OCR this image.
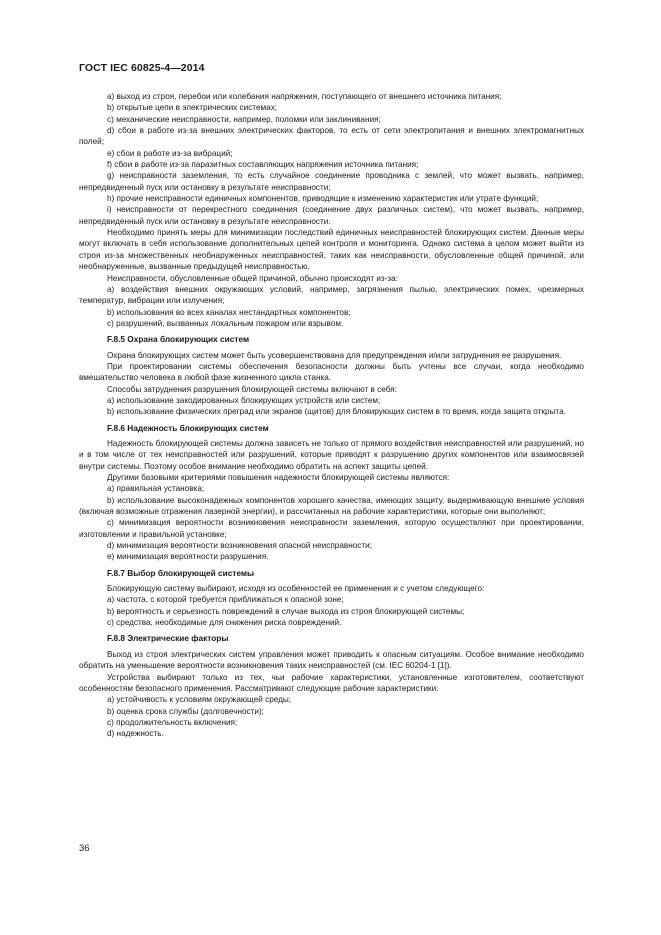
ГОСТ IEC 60825-4—2014

a) выход из строя, перебои или колебания напряжения, поступающего от внешнего источника питания;

b) открытые цепи в электрических системах;

c) механические неисправности, например, поломки или заклинивания;

d) сбои в работе из-за внешних электрических факторов, то есть от сети электропитания и внешних электромагнитных полей;

e) сбои в работе из-за вибраций;

f) сбои в работе из-за паразитных составляющих напряжения источника питания;

g) неисправности заземления, то есть случайное соединение проводника с землей, что может вызвать, например, непредвиденный пуск или остановку в результате неисправности;

h) прочие неисправности единичных компонентов, приводящие к изменению характеристик или утрате функций;

i) неисправности от перекрестного соединения (соединение двух различных систем), что может вызвать, например, непредвиденный пуск или остановку в результате неисправности.

Необходимо принять меры для минимизации последствий единичных неисправностей блокирующих систем. Данные меры могут включать в себя использование дополнительных цепей контроля и мониторинга. Однако система в целом может выйти из строя из-за множественных необнаруженных неисправностей, таких как неисправности, обусловленные общей причиной, или необнаруженные, вызванные предыдущей неисправностью.

Неисправности, обусловленные общей причиной, обычно происходят из-за:

a) воздействия внешних окружающих условий, например, загрязнения пылью, электрических помех, чрезмерных температур, вибрации или излучения;

b) использования во всех каналах нестандартных компонентов;

c) разрушений, вызванных локальным пожаром или взрывом.

F.8.5 Охрана блокирующих систем

Охрана блокирующих систем может быть усовершенствована для предупреждения и/или затруднения ее разрушения.

При проектировании системы обеспечения безопасности должны быть учтены все случаи, когда необходимо вмешательство человека в любой фазе жизненного цикла станка.

Способы затруднения разрушения блокирующей системы включают в себя:

a) использование закодированных блокирующих устройств или систем;

b) использование физических преград или экранов (щитов) для блокирующих систем в то время, когда защита открыта.

F.8.6 Надежность блокирующих систем

Надежность блокирующей системы должна зависеть не только от прямого воздействия неисправностей или разрушений, но и в том числе от тех неисправностей или разрушений, которые приводят к разрушению других компонентов или взаимосвязей внутри системы. Поэтому особое внимание необходимо обратить на аспект защиты цепей.

Другими базовыми критериями повышения надежности блокирующей системы являются:

a) правильная установка;

b) использование высоконадежных компонентов хорошего качества, имеющих защиту, выдерживающую внешние условия (включая возможные отражения лазерной энергии), и рассчитанных на рабочие характеристики, которые они выполняют;

c) минимизация вероятности возникновения неисправности заземления, которую осуществляют при проектировании, изготовлении и правильной установке;

d) минимизация вероятности возникновения опасной неисправности;

e) минимизация вероятности разрушения.

F.8.7 Выбор блокирующей системы

Блокирующую систему выбирают, исходя из особенностей ее применения и с учетом следующего:

a) частота, с которой требуется приближаться к опасной зоне;

b) вероятность и серьезность повреждений в случае выхода из строя блокирующей системы;

c) средства, необходимые для снижения риска повреждений.

F.8.8 Электрические факторы

Выход из строя электрических систем управления может приводить к опасным ситуациям. Особое внимание необходимо обратить на уменьшение вероятности возникновения таких неисправностей (см. IEC 60204-1 [1]).

Устройства выбирают только из тех, чьи рабочие характеристики, установленные изготовителем, соответствуют особенностям безопасного применения. Рассматривают следующие рабочие характеристики:

a) устойчивость к условиям окружающей среды;

b) оценка срока службы (долговечности);

c) продолжительность включения;

d) надежность.

36
